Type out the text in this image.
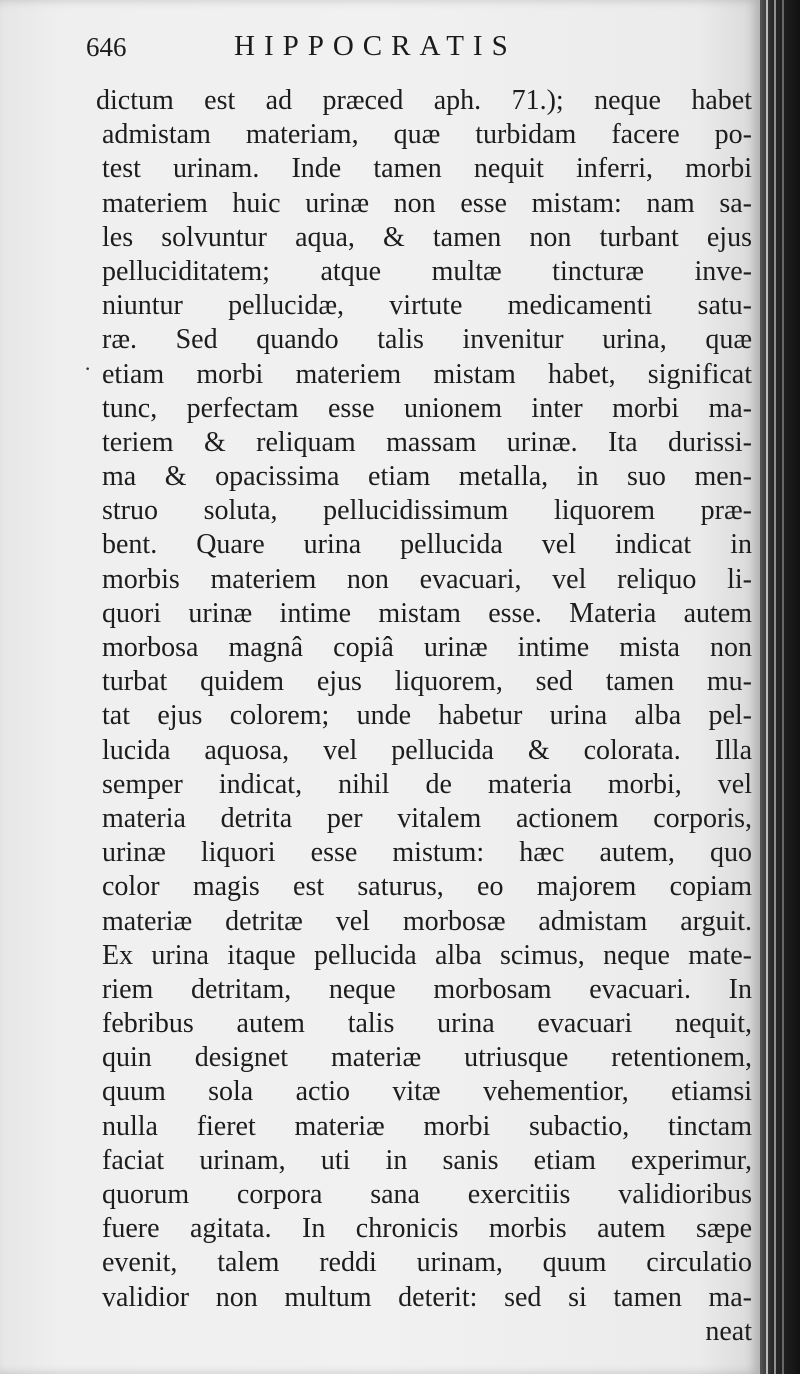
646	HIPPOCRATIS
·
dictum est ad præced aph. 71.); neque habet
admistam materiam, quæ turbidam facere po-
test urinam. Inde tamen nequit inferri, morbi
materiem huic urinæ non esse mistam: nam sa-
les solvuntur aqua, & tamen non turbant ejus
pelluciditatem; atque multæ tincturæ inve-
niuntur pellucidæ, virtute medicamenti satu-
ræ. Sed quando talis invenitur urina, quæ
etiam morbi materiem mistam habet, significat
tunc, perfectam esse unionem inter morbi ma-
teriem & reliquam massam urinæ. Ita durissi-
ma & opacissima etiam metalla, in suo men-
struo soluta, pellucidissimum liquorem præ-
bent. Quare urina pellucida vel indicat in
morbis materiem non evacuari, vel reliquo li-
quori urinæ intime mistam esse. Materia autem
morbosa magnâ copiâ urinæ intime mista non
turbat quidem ejus liquorem, sed tamen mu-
tat ejus colorem; unde habetur urina alba pel-
lucida aquosa, vel pellucida & colorata. Illa
semper indicat, nihil de materia morbi, vel
materia detrita per vitalem actionem corporis,
urinæ liquori esse mistum: hæc autem, quo
color magis est saturus, eo majorem copiam
materiæ detritæ vel morbosæ admistam arguit.
Ex urina itaque pellucida alba scimus, neque mate-
riem detritam, neque morbosam evacuari. In
febribus autem talis urina evacuari nequit,
quin designet materiæ utriusque retentionem,
quum sola actio vitæ vehementior, etiamsi
nulla fieret materiæ morbi subactio, tinctam
faciat urinam, uti in sanis etiam experimur,
quorum corpora sana exercitiis validioribus
fuere agitata. In chronicis morbis autem sæpe
evenit, talem reddi urinam, quum circulatio
validior non multum deterit: sed si tamen ma-
neat
